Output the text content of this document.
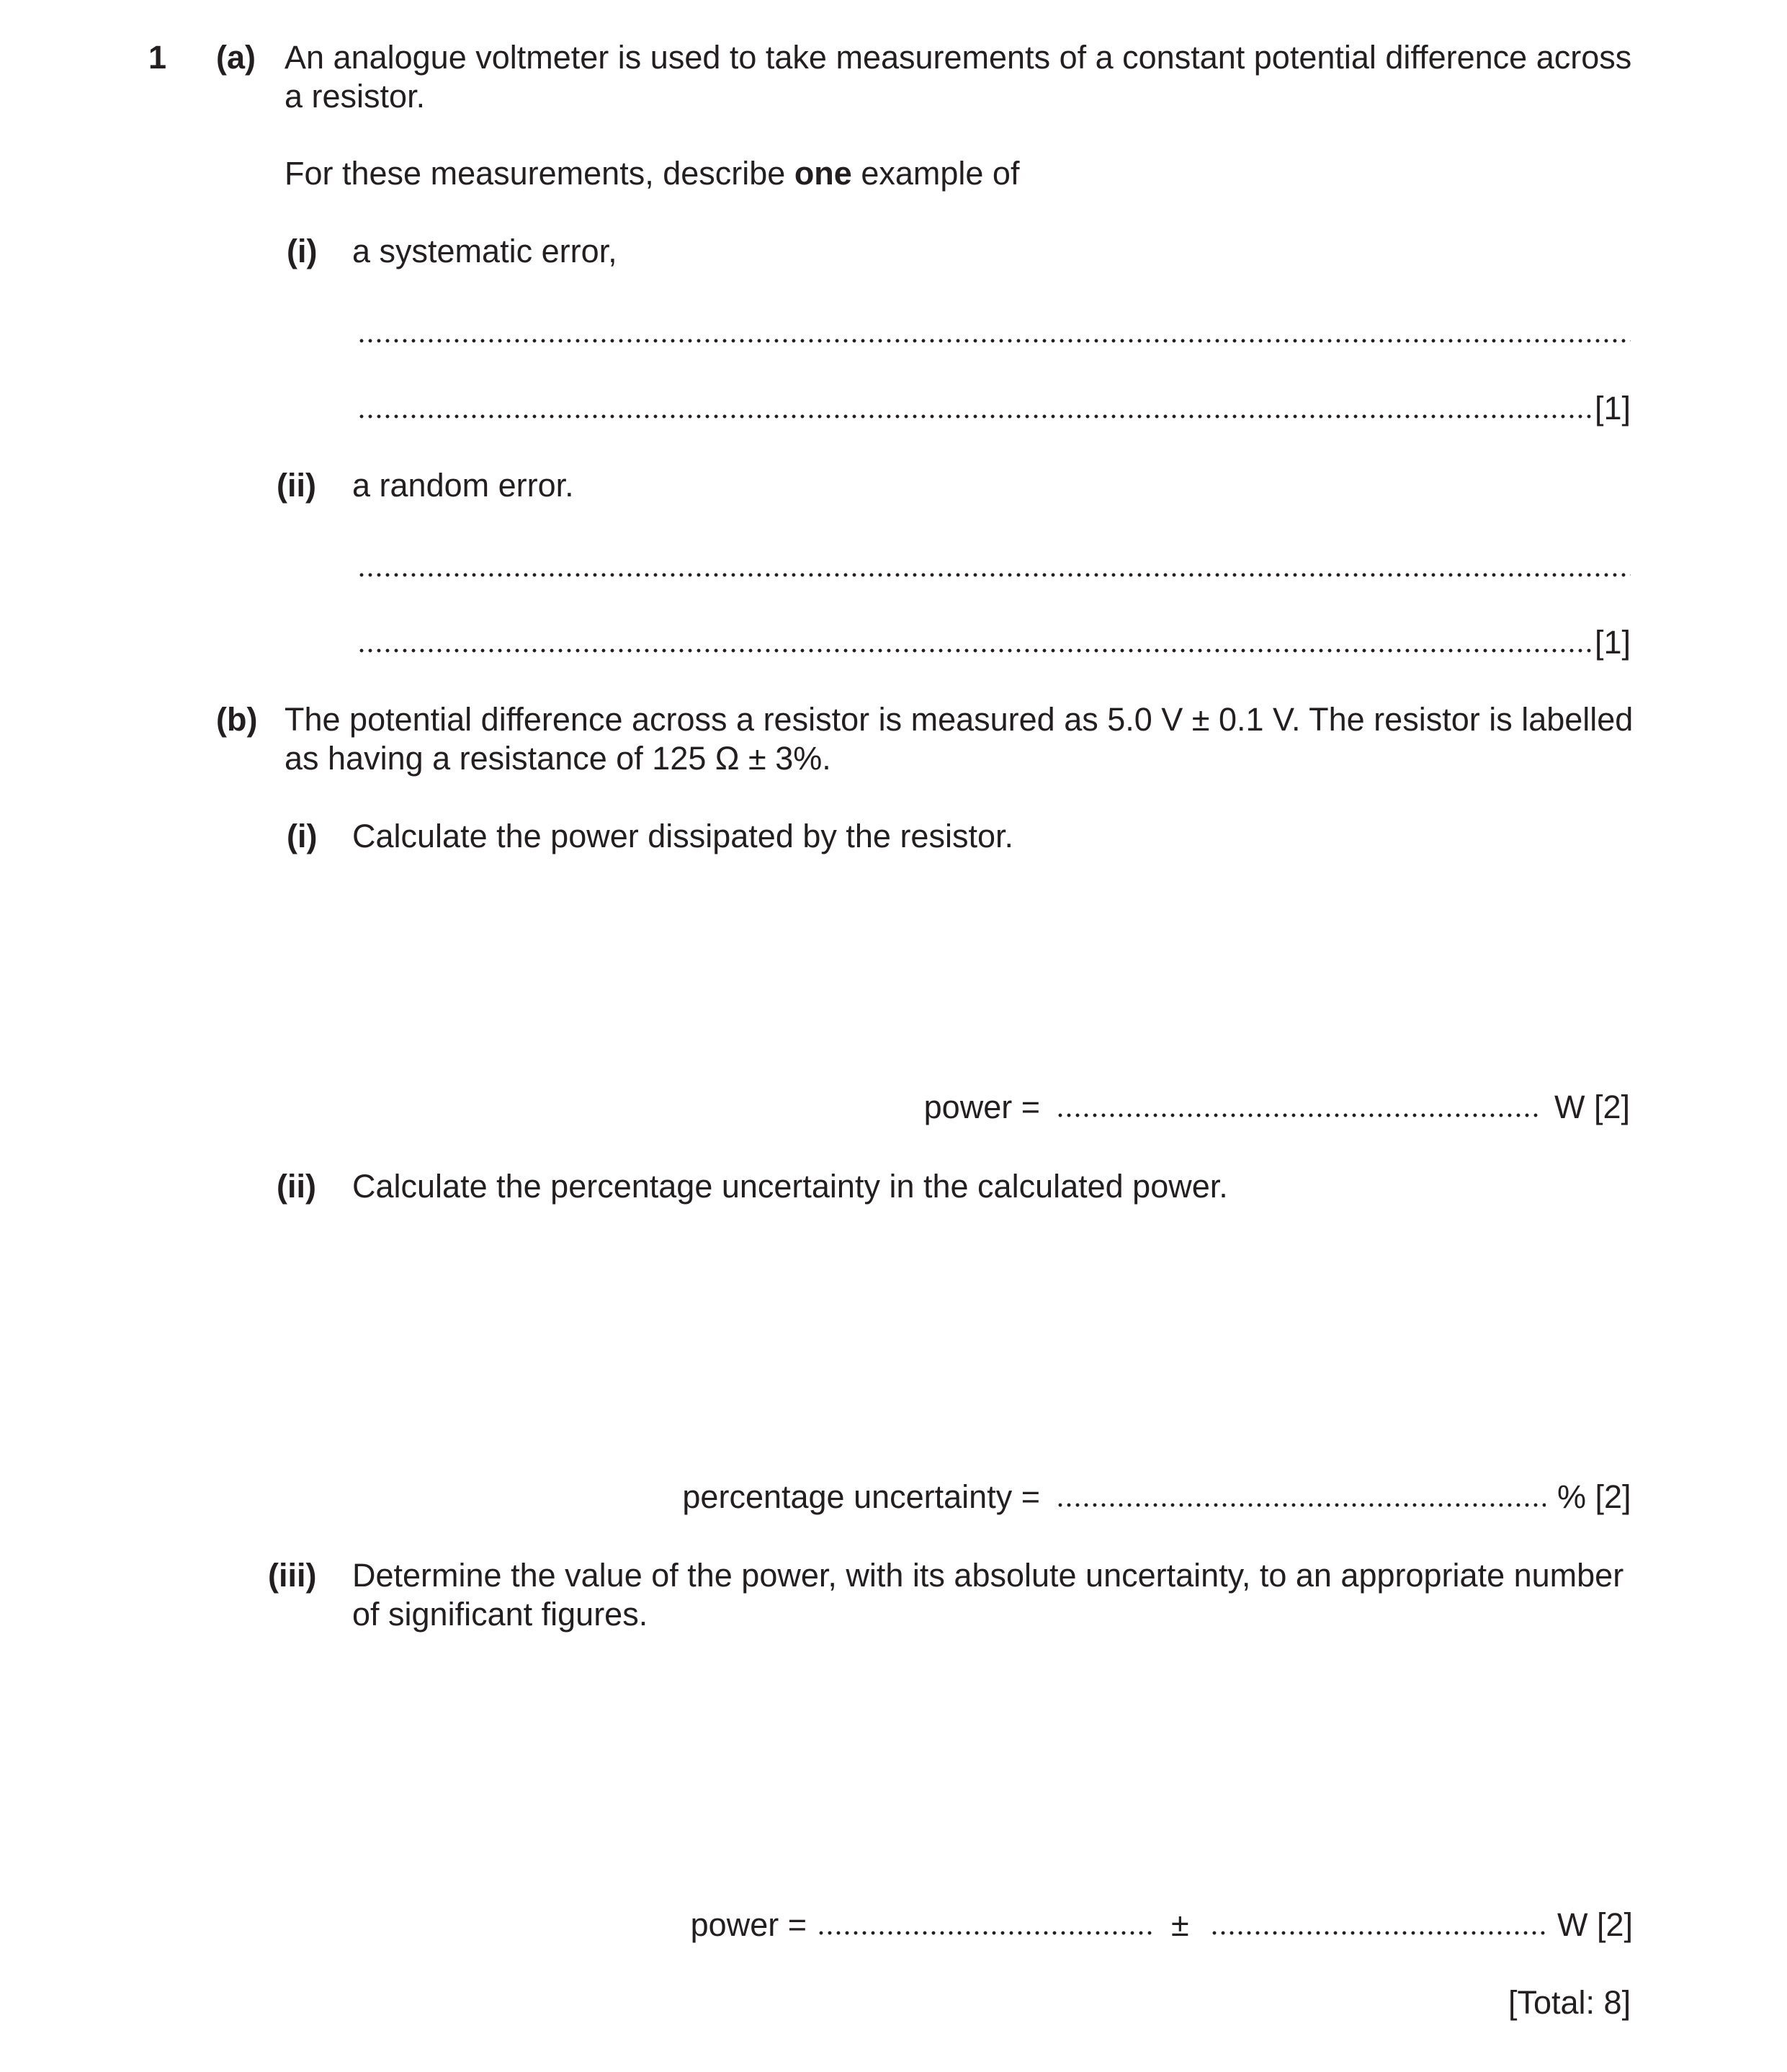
1 (a) An analogue voltmeter is used to take measurements of a constant potential difference across
a resistor.
For these measurements, describe one example of
(i) a systematic error,
[1]
(ii) a random error.
[1]
(b) The potential difference across a resistor is measured as 5.0 V ± 0.1 V. The resistor is labelled
as having a resistance of 125 Ω ± 3%.
(i) Calculate the power dissipated by the resistor.
power =	W [2]
(ii) Calculate the percentage uncertainty in the calculated power.
percentage uncertainty =	% [2]
(iii) Determine the value of the power, with its absolute uncertainty, to an appropriate number
of significant figures.
power =	±	W [2]
[Total: 8]
